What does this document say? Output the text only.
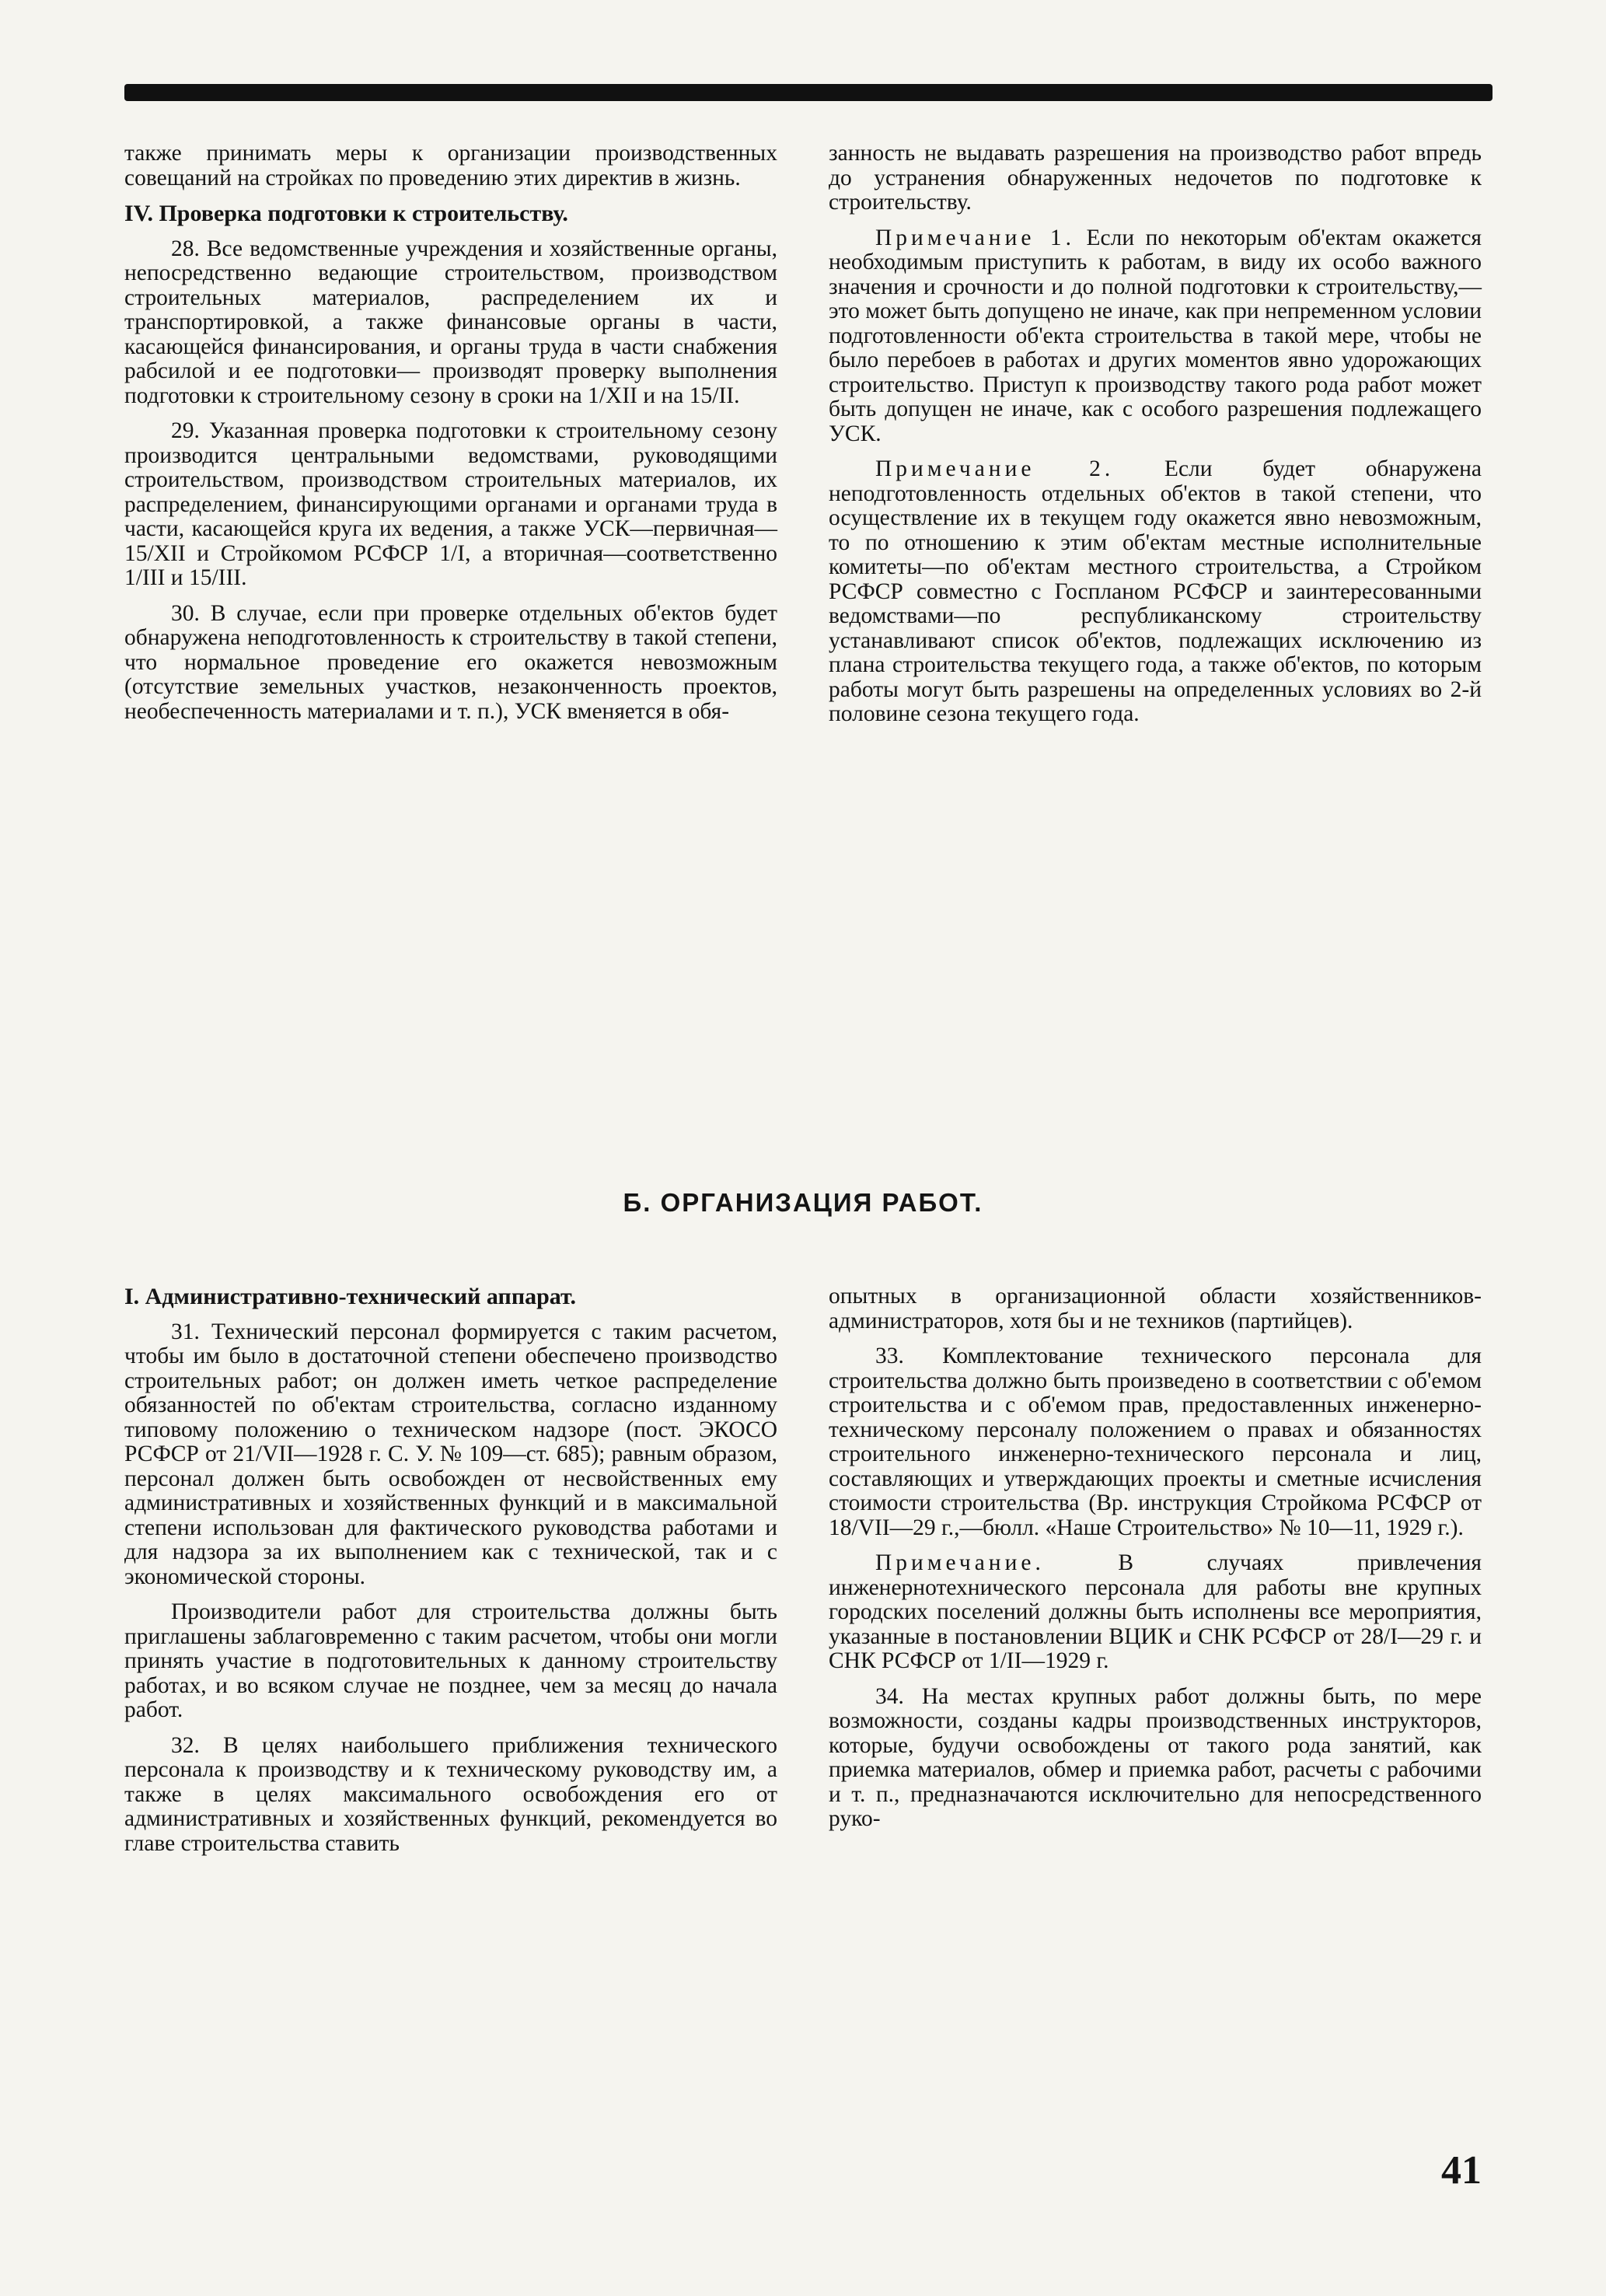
также принимать меры к организации производственных совещаний на стройках по проведению этих директив в жизнь.

IV. Проверка подготовки к строительству.

28. Все ведомственные учреждения и хозяйственные органы, непосредственно ведающие строительством, производством строительных материалов, распределением их и транспортировкой, а также финансовые органы в части, касающейся финансирования, и органы труда в части снабжения рабсилой и ее подготовки— производят проверку выполнения подготовки к строительному сезону в сроки на 1/XII и на 15/II.

29. Указанная проверка подготовки к строительному сезону производится центральными ведомствами, руководящими строительством, производством строительных материалов, их распределением, финансирующими органами и органами труда в части, касающейся круга их ведения, а также УСК—первичная—15/XII и Стройкомом РСФСР 1/I, а вторичная—соответственно 1/III и 15/III.

30. В случае, если при проверке отдельных об'ектов будет обнаружена неподготовленность к строительству в такой степени, что нормальное проведение его окажется невозможным (отсутствие земельных участков, незаконченность проектов, необеспеченность материалами и т. п.), УСК вменяется в обя-

занность не выдавать разрешения на производство работ впредь до устранения обнаруженных недочетов по подготовке к строительству.

Примечание 1. Если по некоторым об'ектам окажется необходимым приступить к работам, в виду их особо важного значения и срочности и до полной подготовки к строительству,—это может быть допущено не иначе, как при непременном условии подготовленности об'екта строительства в такой мере, чтобы не было перебоев в работах и других моментов явно удорожающих строительство. Приступ к производству такого рода работ может быть допущен не иначе, как с особого разрешения подлежащего УСК.

Примечание 2. Если будет обнаружена неподготовленность отдельных об'ектов в такой степени, что осуществление их в текущем году окажется явно невозможным, то по отношению к этим об'ектам местные исполнительные комитеты—по об'ектам местного строительства, а Стройком РСФСР совместно с Госпланом РСФСР и заинтересованными ведомствами—по республиканскому строительству устанавливают список об'ектов, подлежащих исключению из плана строительства текущего года, а также об'ектов, по которым работы могут быть разрешены на определенных условиях во 2-й половине сезона текущего года.

Б. ОРГАНИЗАЦИЯ РАБОТ.

I. Административно-технический аппарат.

31. Технический персонал формируется с таким расчетом, чтобы им было в достаточной степени обеспечено производство строительных работ; он должен иметь четкое распределение обязанностей по об'ектам строительства, согласно изданному типовому положению о техническом надзоре (пост. ЭКОСО РСФСР от 21/VII—1928 г. С. У. № 109—ст. 685); равным образом, персонал должен быть освобожден от несвойственных ему административных и хозяйственных функций и в максимальной степени использован для фактического руководства работами и для надзора за их выполнением как с технической, так и с экономической стороны.

Производители работ для строительства должны быть приглашены заблаговременно с таким расчетом, чтобы они могли принять участие в подготовительных к данному строительству работах, и во всяком случае не позднее, чем за месяц до начала работ.

32. В целях наибольшего приближения технического персонала к производству и к техническому руководству им, а также в целях максимального освобождения его от административных и хозяйственных функций, рекомендуется во главе строительства ставить

опытных в организационной области хозяйственников-администраторов, хотя бы и не техников (партийцев).

33. Комплектование технического персонала для строительства должно быть произведено в соответствии с об'емом строительства и с об'емом прав, предоставленных инженерно-техническому персоналу положением о правах и обязанностях строительного инженерно-технического персонала и лиц, составляющих и утверждающих проекты и сметные исчисления стоимости строительства (Вр. инструкция Стройкома РСФСР от 18/VII—29 г.,—бюлл. «Наше Строительство» № 10—11, 1929 г.).

Примечание. В случаях привлечения инженернотехнического персонала для работы вне крупных городских поселений должны быть исполнены все мероприятия, указанные в постановлении ВЦИК и СНК РСФСР от 28/I—29 г. и СНК РСФСР от 1/II—1929 г.

34. На местах крупных работ должны быть, по мере возможности, созданы кадры производственных инструкторов, которые, будучи освобождены от такого рода занятий, как приемка материалов, обмер и приемка работ, расчеты с рабочими и т. п., предназначаются исключительно для непосредственного руко-

41
